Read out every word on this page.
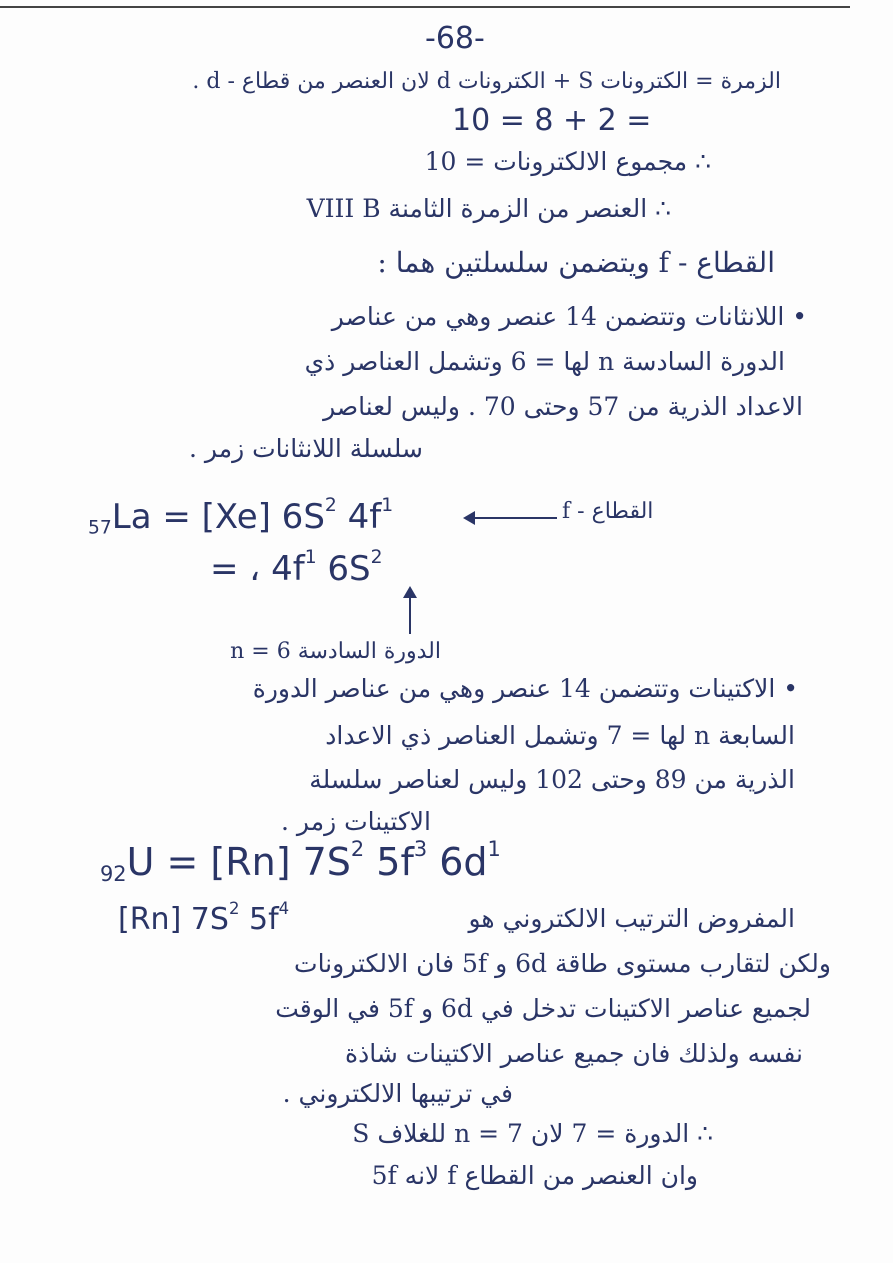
-68-
الزمرة = الكترونات S + الكترونات d لان العنصر من قطاع - d .
10 = 8 + 2 =
∴ مجموع الالكترونات = 10
∴ العنصر من الزمرة الثامنة VIII B
القطاع - f ويتضمن سلسلتين هما :
• اللانثانات وتتضمن 14 عنصر وهي من عناصر
الدورة السادسة n لها = 6 وتشمل العناصر ذي
الاعداد الذرية من 57 وحتى 70 . وليس لعناصر
سلسلة اللانثانات زمر .
$_{57}$La = [Xe] $6S^2$ $4f^1$	القطاع - f
= ، $4f^1$ $6S^2$
الدورة السادسة n = 6
• الاكتينات وتتضمن 14 عنصر وهي من عناصر الدورة
السابعة n لها = 7 وتشمل العناصر ذي الاعداد
الذرية من 89 وحتى 102 وليس لعناصر سلسلة
الاكتينات زمر .
$_{92}$U = [Rn] $7S^2$ $5f^3$ $6d^1$
المفروض الترتيب الالكتروني هو
[Rn] $7S^2$ $5f^4$
ولكن لتقارب مستوى طاقة 6d و 5f فان الالكترونات
لجميع عناصر الاكتينات تدخل في 6d و 5f في الوقت
نفسه ولذلك فان جميع عناصر الاكتينات شاذة
في ترتيبها الالكتروني .
∴ الدورة = 7 لان n = 7 للغلاف S
وان العنصر من القطاع f لانه 5f
